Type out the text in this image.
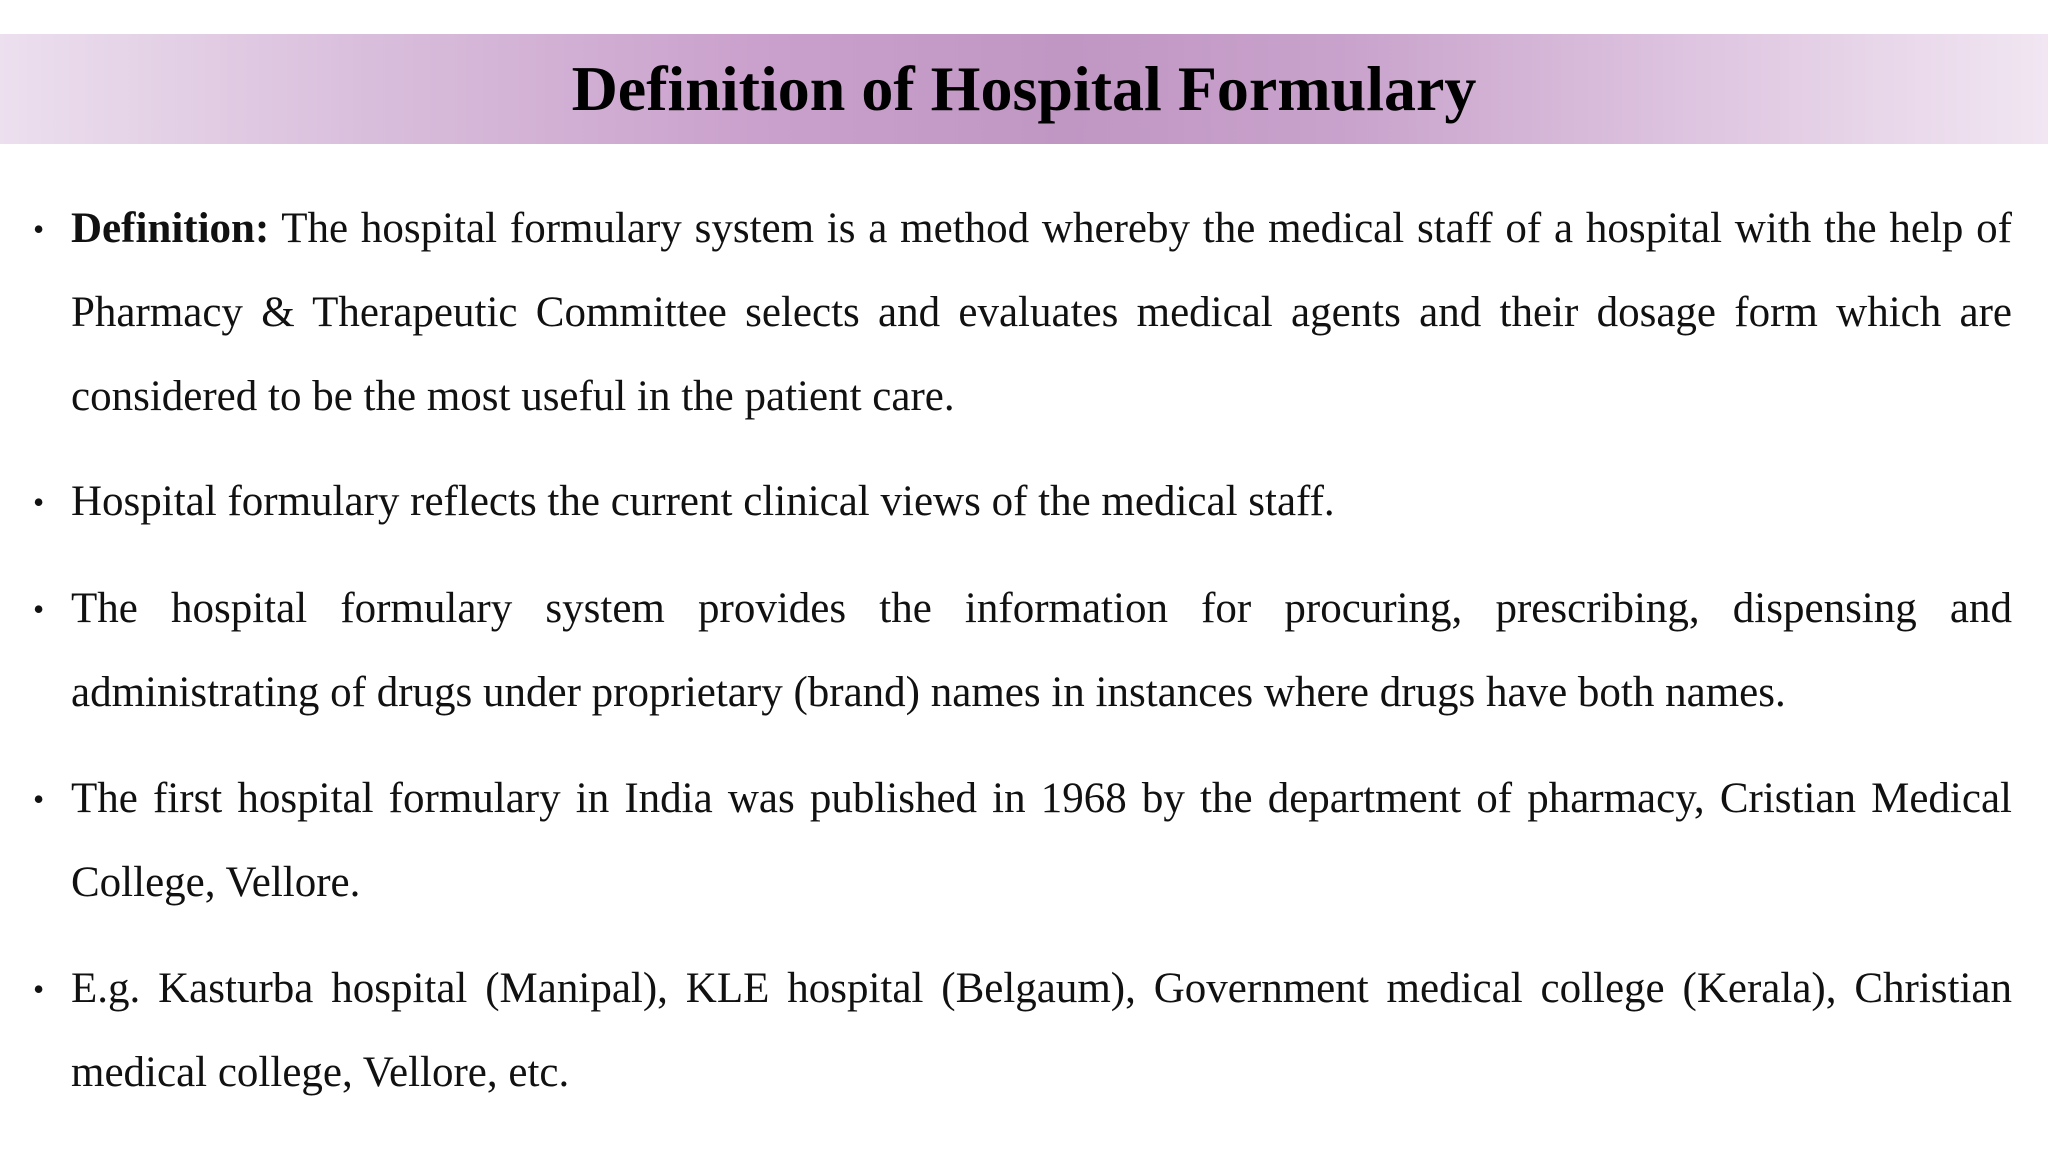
Definition of Hospital Formulary
• Definition: The hospital formulary system is a method whereby the medical staff of a hospital with the help of Pharmacy & Therapeutic Committee selects and evaluates medical agents and their dosage form which are considered to be the most useful in the patient care.
• Hospital formulary reflects the current clinical views of the medical staff.
• The hospital formulary system provides the information for procuring, prescribing, dispensing and administrating of drugs under proprietary (brand) names in instances where drugs have both names.
• The first hospital formulary in India was published in 1968 by the department of pharmacy, Cristian Medical College, Vellore.
• E.g. Kasturba hospital (Manipal), KLE hospital (Belgaum), Government medical college (Kerala), Christian medical college, Vellore, etc.
